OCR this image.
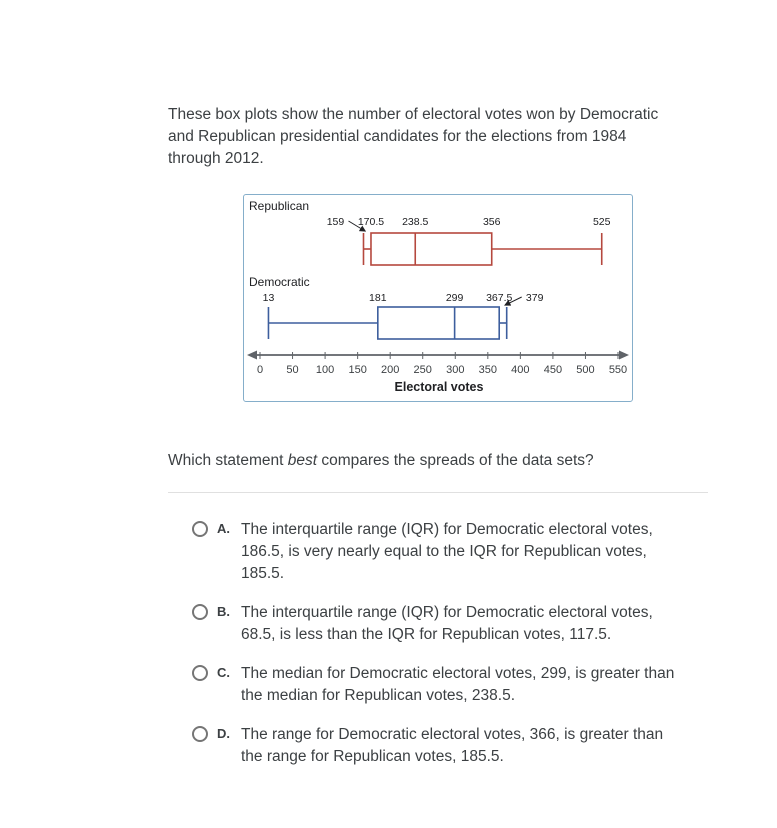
These box plots show the number of electoral votes won by Democratic and Republican presidential candidates for the elections from 1984 through 2012.

0 50 100 150 200 250 300 350 400 450 500 550
Electoral votes
Republican
159 170.5 238.5	356	525
Democratic
13	181	299 367.5 379

Which statement best compares the spreads of the data sets?

A. The interquartile range (IQR) for Democratic electoral votes, 186.5, is very nearly equal to the IQR for Republican votes, 185.5.
B. The interquartile range (IQR) for Democratic electoral votes, 68.5, is less than the IQR for Republican votes, 117.5.
C. The median for Democratic electoral votes, 299, is greater than the median for Republican votes, 238.5.
D. The range for Democratic electoral votes, 366, is greater than the range for Republican votes, 185.5.
